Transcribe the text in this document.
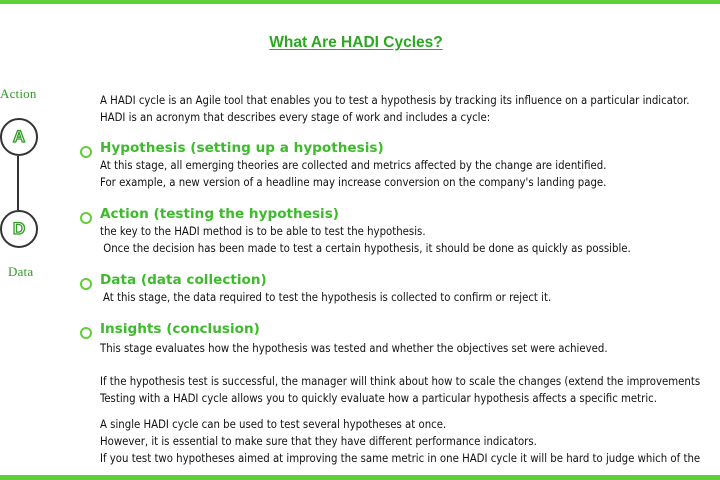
What Are HADI Cycles?
Action
A
D
Data
A HADI cycle is an Agile tool that enables you to test a hypothesis by tracking its influence on a particular indicator.
HADI is an acronym that describes every stage of work and includes a cycle:
Hypothesis (setting up a hypothesis)
At this stage, all emerging theories are collected and metrics affected by the change are identified.
For example, a new version of a headline may increase conversion on the company's landing page.
Action (testing the hypothesis)
the key to the HADI method is to be able to test the hypothesis.
Once the decision has been made to test a certain hypothesis, it should be done as quickly as possible.
Data (data collection)
At this stage, the data required to test the hypothesis is collected to confirm or reject it.
Insights (conclusion)
This stage evaluates how the hypothesis was tested and whether the objectives set were achieved.
If the hypothesis test is successful, the manager will think about how to scale the changes (extend the improvements
Testing with a HADI cycle allows you to quickly evaluate how a particular hypothesis affects a specific metric.
A single HADI cycle can be used to test several hypotheses at once.
However, it is essential to make sure that they have different performance indicators.
If you test two hypotheses aimed at improving the same metric in one HADI cycle it will be hard to judge which of the
